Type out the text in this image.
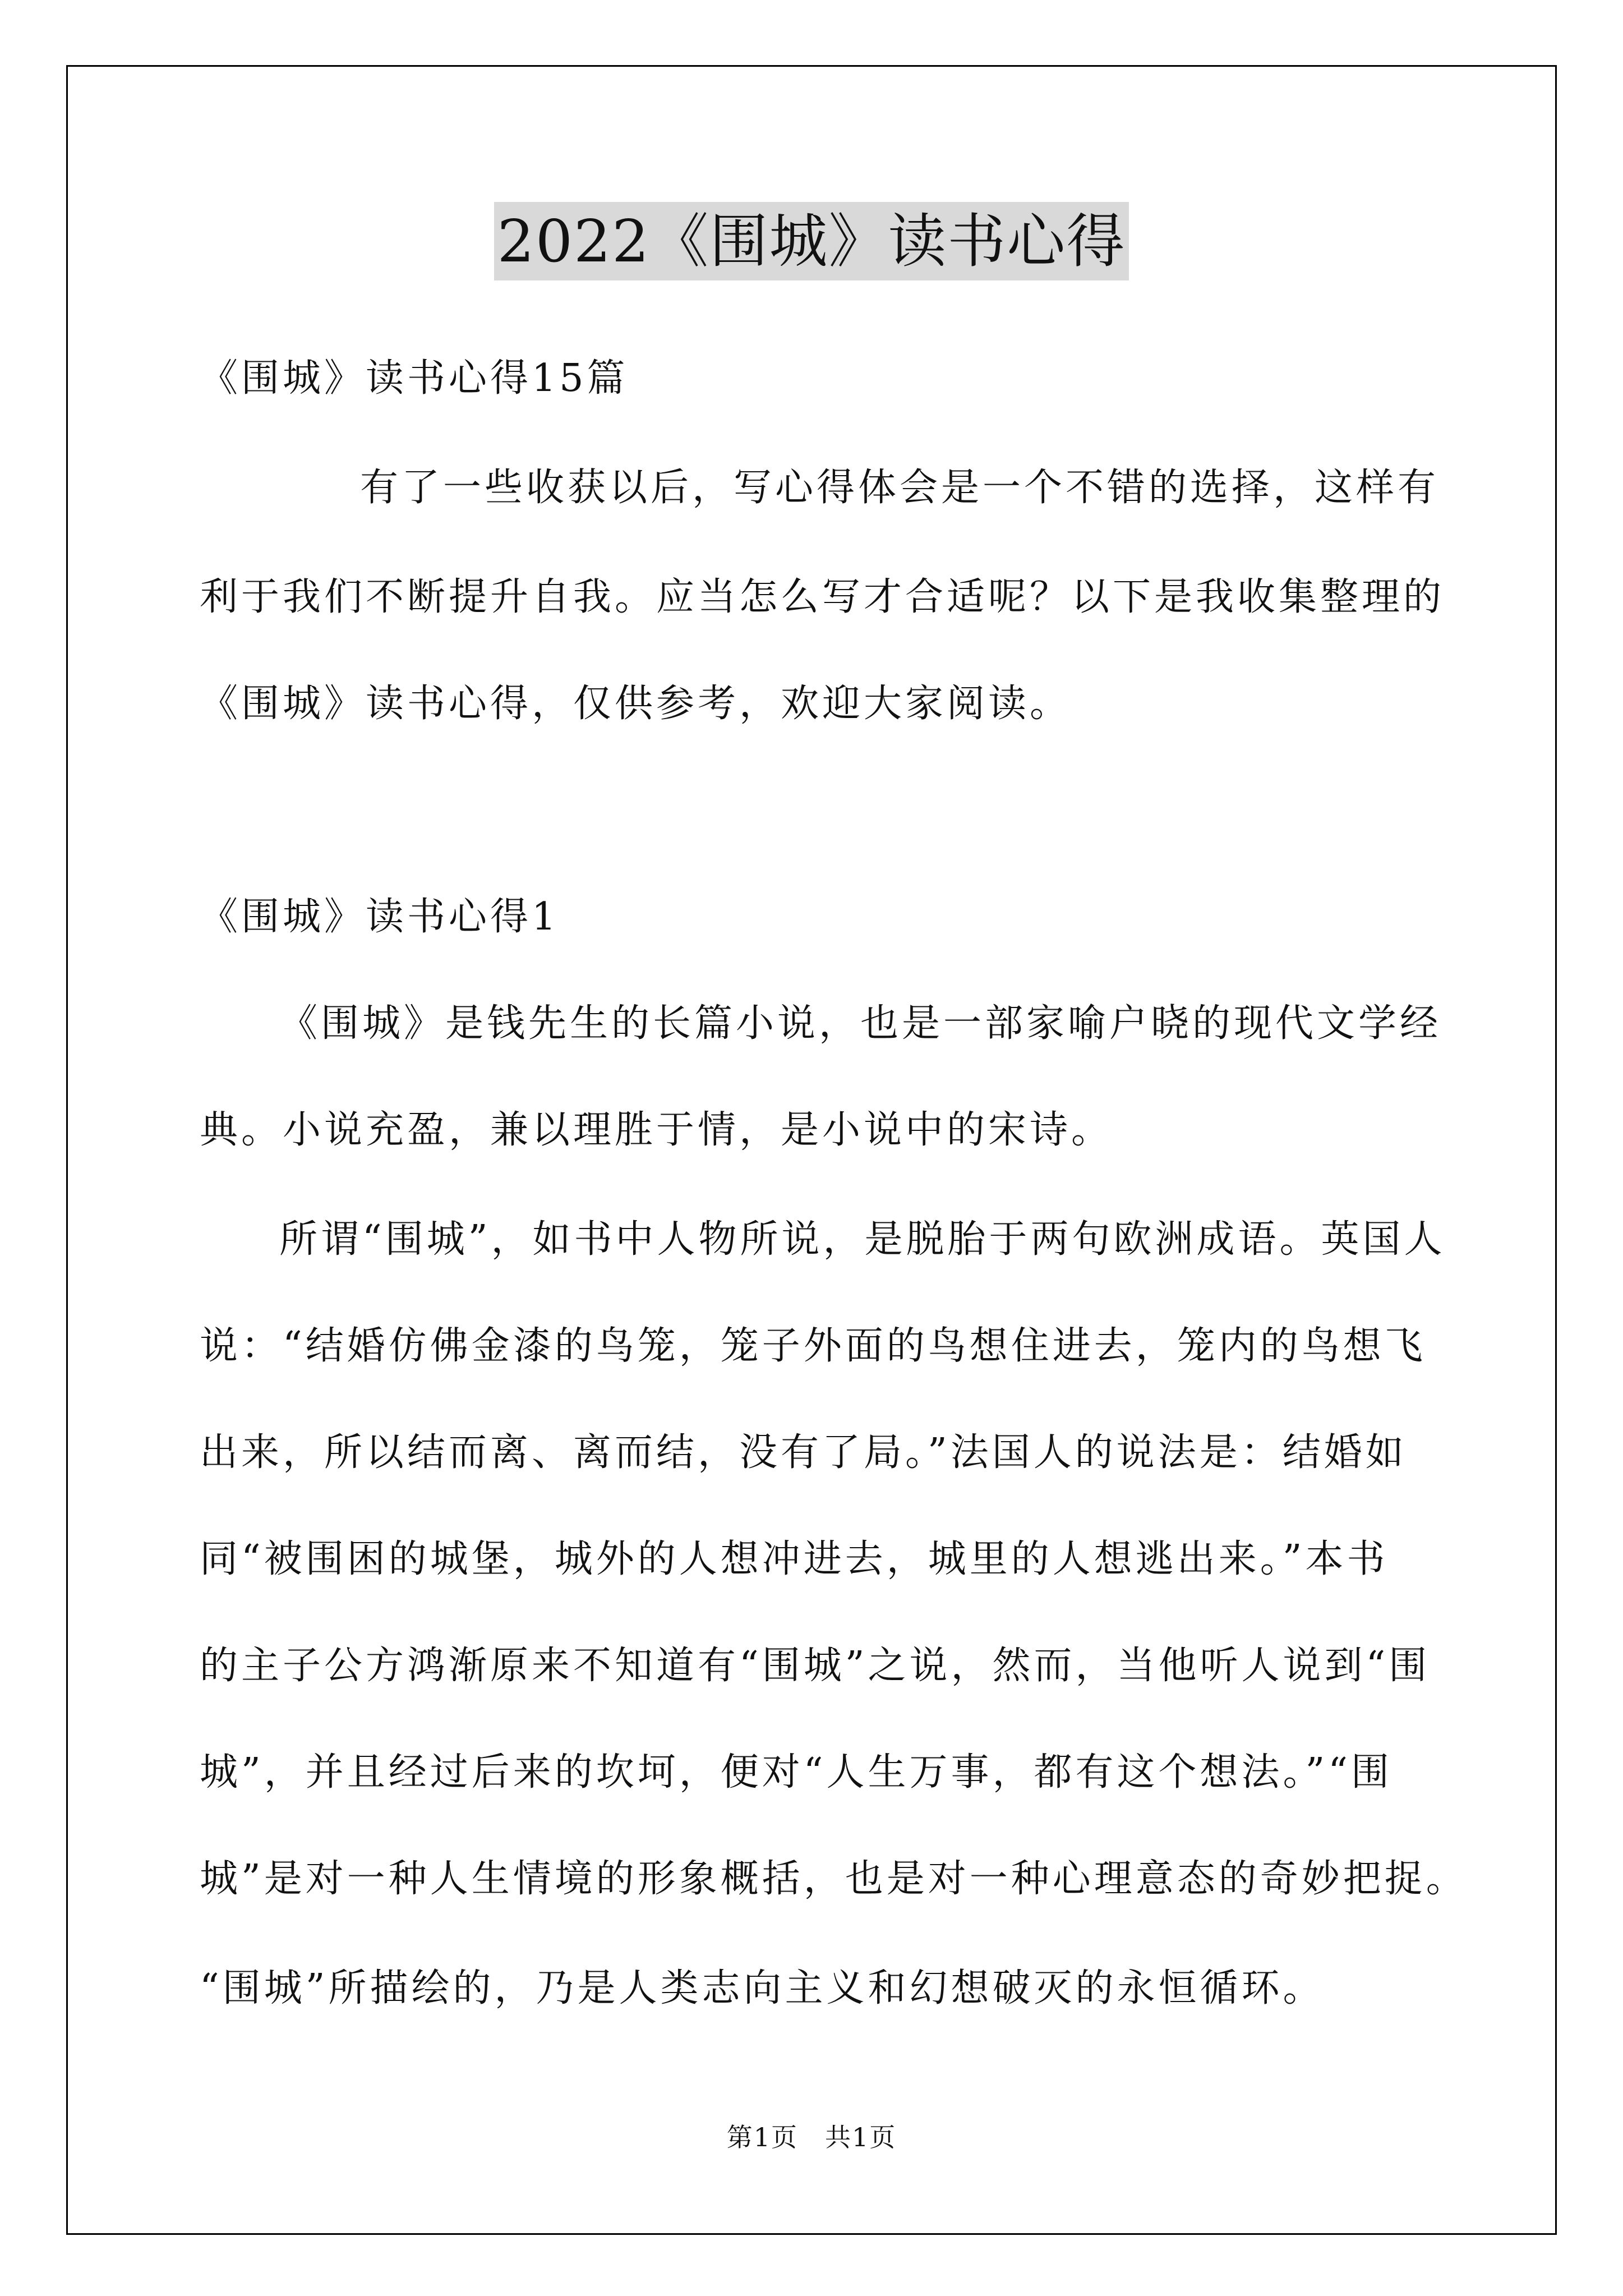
2022《围城》读书心得
《围城》读书心得15篇
有了一些收获以后，写心得体会是一个不错的选择，这样有
利于我们不断提升自我。应当怎么写才合适呢？以下是我收集整理的
《围城》读书心得，仅供参考，欢迎大家阅读。
《围城》读书心得1
《围城》是钱先生的长篇小说，也是一部家喻户晓的现代文学经
典。小说充盈，兼以理胜于情，是小说中的宋诗。
所谓“围城”，如书中人物所说，是脱胎于两句欧洲成语。英国人
说：“结婚仿佛金漆的鸟笼，笼子外面的鸟想住进去，笼内的鸟想飞
出来，所以结而离、离而结，没有了局。”法国人的说法是：结婚如
同“被围困的城堡，城外的人想冲进去，城里的人想逃出来。”本书
的主子公方鸿渐原来不知道有“围城”之说，然而，当他听人说到“围
城”，并且经过后来的坎坷，便对“人生万事，都有这个想法。”“围
城”是对一种人生情境的形象概括，也是对一种心理意态的奇妙把捉。
“围城”所描绘的，乃是人类志向主义和幻想破灭的永恒循环。
第1页　共1页
